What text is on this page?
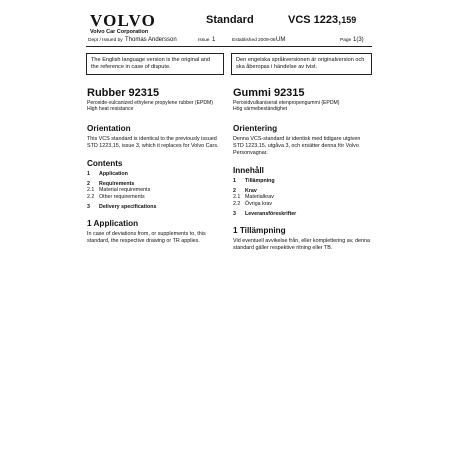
VOLVO
Volvo Car Corporation
Standard	VCS 1223,159
Dept / Issued by Thomas Andersson	Issue 1	Established 2009-06 UM	Page 1(3)
The English language version is the original and the reference in case of dispute.
Den engelska språkversionen är originalversion och ska åberopas i händelse av tvist.
Rubber 92315
Peroxide-vulcanized ethylene propylene rubber (EPDM)
High heat resistance
Orientation
This VCS standard is identical to the previously issued STD 1223,15, issue 3, which it replaces for Volvo Cars.
Contents
1	Application
2	Requirements
2.1 Material requirements
2.2 Other requirements
3	Delivery specifications
1 Application
In case of deviations from, or supplements to, this standard, the respective drawing or TR applies.
Gummi 92315
Peroxidvulkaniserat etenpropengummi (EPDM)
Hög värmebeständighet
Orientering
Denna VCS-standard är identisk med tidigare utgiven STD 1223,15, utgåva 3, och ersätter denna för Volvo Personvagnar.
Innehåll
1	Tillämpning
2	Krav
2.1 Materialkrav
2.2 Övriga krav
3	Leveransföreskrifter
1 Tillämpning
Vid eventuell avvikelse från, eller komplettering av, denna standard gäller respektive ritning eller TB.
